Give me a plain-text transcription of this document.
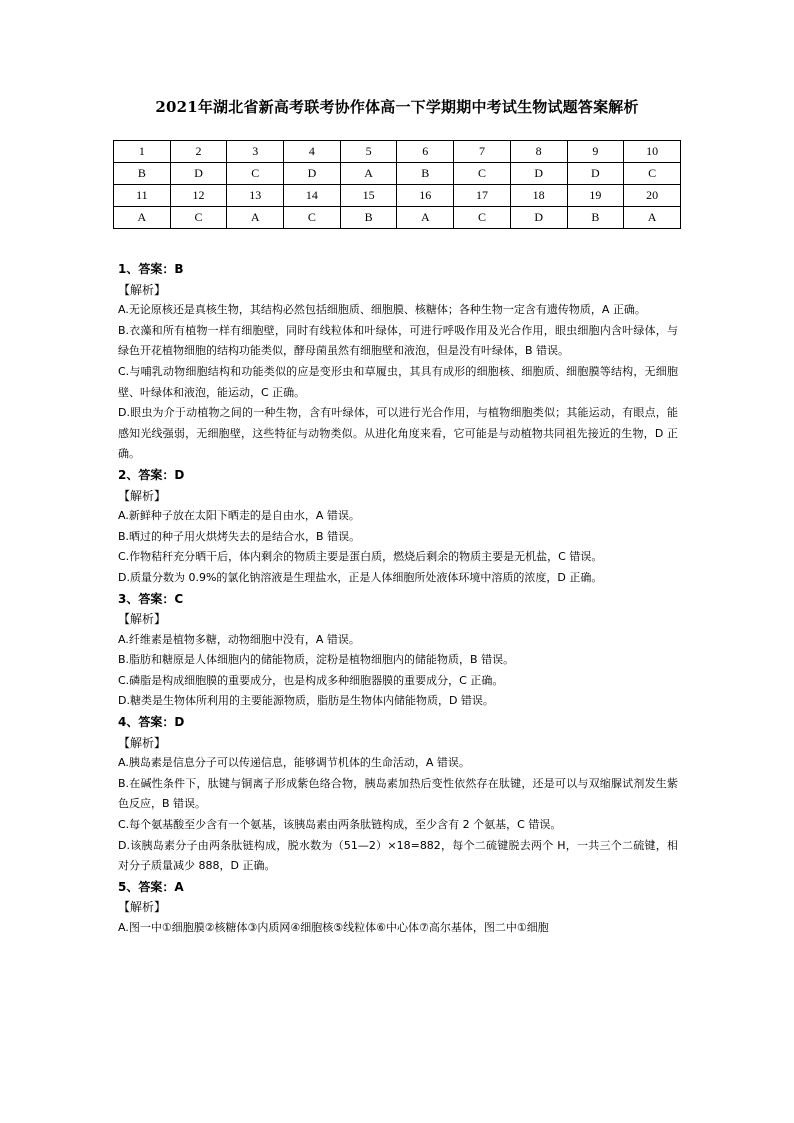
2021年湖北省新高考联考协作体高一下学期期中考试生物试题答案解析
1	2	3	4	5	6	7	8	9	10
B	D	C	D	A	B	C	D	D	C
11	12	13	14	15	16	17	18	19	20
A	C	A	C	B	A	C	D	B	A
1、答案：B
【解析】
A.无论原核还是真核生物，其结构必然包括细胞质、细胞膜、核糖体；各种生物一定含有遗传物质，A 正确。
B.衣藻和所有植物一样有细胞壁，同时有线粒体和叶绿体，可进行呼吸作用及光合作用，眼虫细胞内含叶绿体，与绿色开花植物细胞的结构功能类似，酵母菌虽然有细胞壁和液泡，但是没有叶绿体，B 错误。
C.与哺乳动物细胞结构和功能类似的应是变形虫和草履虫，其具有成形的细胞核、细胞质、细胞膜等结构，无细胞壁、叶绿体和液泡，能运动，C 正确。
D.眼虫为介于动植物之间的一种生物，含有叶绿体，可以进行光合作用，与植物细胞类似；其能运动，有眼点，能感知光线强弱，无细胞壁，这些特征与动物类似。从进化角度来看，它可能是与动植物共同祖先接近的生物，D 正确。
2、答案：D
【解析】
A.新鲜种子放在太阳下晒走的是自由水，A 错误。
B.晒过的种子用火烘烤失去的是结合水，B 错误。
C.作物秸秆充分晒干后，体内剩余的物质主要是蛋白质，燃烧后剩余的物质主要是无机盐，C 错误。
D.质量分数为 0.9%的氯化钠溶液是生理盐水，正是人体细胞所处液体环境中溶质的浓度，D 正确。
3、答案：C
【解析】
A.纤维素是植物多糖，动物细胞中没有，A 错误。
B.脂肪和糖原是人体细胞内的储能物质，淀粉是植物细胞内的储能物质，B 错误。
C.磷脂是构成细胞膜的重要成分，也是构成多种细胞器膜的重要成分，C 正确。
D.糖类是生物体所利用的主要能源物质，脂肪是生物体内储能物质，D 错误。
4、答案：D
【解析】
A.胰岛素是信息分子可以传递信息，能够调节机体的生命活动，A 错误。
B.在碱性条件下，肽键与铜离子形成紫色络合物，胰岛素加热后变性依然存在肽键，还是可以与双缩脲试剂发生紫色反应，B 错误。
C.每个氨基酸至少含有一个氨基，该胰岛素由两条肽链构成，至少含有 2 个氨基，C 错误。
D.该胰岛素分子由两条肽链构成，脱水数为（51—2）×18=882，每个二硫键脱去两个 H，一共三个二硫键，相对分子质量减少 888，D 正确。
5、答案：A
【解析】
A.图一中①细胞膜②核糖体③内质网④细胞核⑤线粒体⑥中心体⑦高尔基体，图二中①细胞
